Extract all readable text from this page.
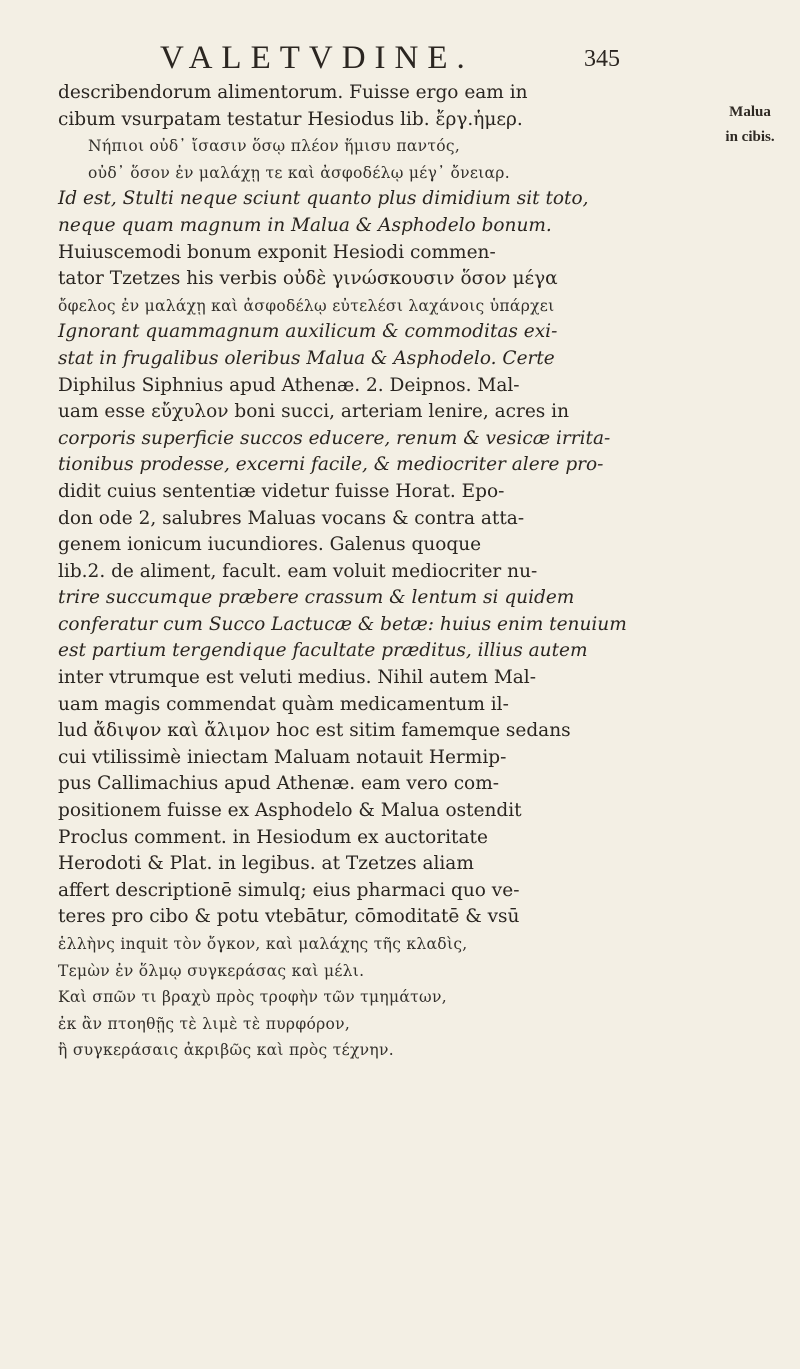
VALETVDINE.	345
Malua
in cibis.
describendorum alimentorum. Fuisse ergo eam in
cibum vsurpatam testatur Hesiodus lib. ἔργ.ἡμερ.
Νήπιοι οὐδ᾽ ἴσασιν ὅσῳ πλέον ἥμισυ παντός,
οὐδ᾽ ὅσον ἐν μαλάχῃ τε καὶ ἀσφοδέλῳ μέγ᾽ ὄνειαρ.
Id est, Stulti neque sciunt quanto plus dimidium sit toto,
neque quam magnum in Malua & Asphodelo bonum.
Huiuscemodi bonum exponit Hesiodi commen-
tator Tzetzes his verbis οὐδὲ γινώσκουσιν ὅσον μέγα
ὄφελος ἐν μαλάχῃ καὶ ἀσφοδέλῳ εὐτελέσι λαχάνοις ὑπάρχει
Ignorant quammagnum auxilicum & commoditas exi-
stat in frugalibus oleribus Malua & Asphodelo. Certe
Diphilus Siphnius apud Athenæ. 2. Deipnos. Mal-
uam esse εὔχυλον boni succi, arteriam lenire, acres in
corporis superficie succos educere, renum & vesicæ irrita-
tionibus prodesse, excerni facile, & mediocriter alere pro-
didit cuius sententiæ videtur fuisse Horat. Epo-
don ode 2, salubres Maluas vocans & contra atta-
genem ionicum iucundiores. Galenus quoque
lib.2. de aliment, facult. eam voluit mediocriter nu-
trire succumque præbere crassum & lentum si quidem
conferatur cum Succo Lactucæ & betæ: huius enim tenuium
est partium tergendique facultate præditus, illius autem
inter vtrumque est veluti medius. Nihil autem Mal-
uam magis commendat quàm medicamentum il-
lud ἄδιψον καὶ ἄλιμον hoc est sitim famemque sedans
cui vtilissimè iniectam Maluam notauit Hermip-
pus Callimachius apud Athenæ. eam vero com-
positionem fuisse ex Asphodelo & Malua ostendit
Proclus comment. in Hesiodum ex auctoritate
Herodoti & Plat. in legibus. at Tzetzes aliam
affert descriptionē simulq; eius pharmaci quo ve-
teres pro cibo & potu vtebātur, cōmoditatē & vsū
ἑλλὴνς inquit τὸν ὄγκον, καὶ μαλάχης τῆς κλαδὶς,
Τεμὼν ἐν ὅλμῳ συγκεράσας καὶ μέλι.
Καὶ σπῶν τι βραχὺ πρὸς τροφὴν τῶν τμημάτων,
ἐκ ἂν πτοηθῇς τὲ λιμὲ τὲ πυρφόρον,
ἢ συγκεράσαις ἀκριβῶς καὶ πρὸς τέχνην.
